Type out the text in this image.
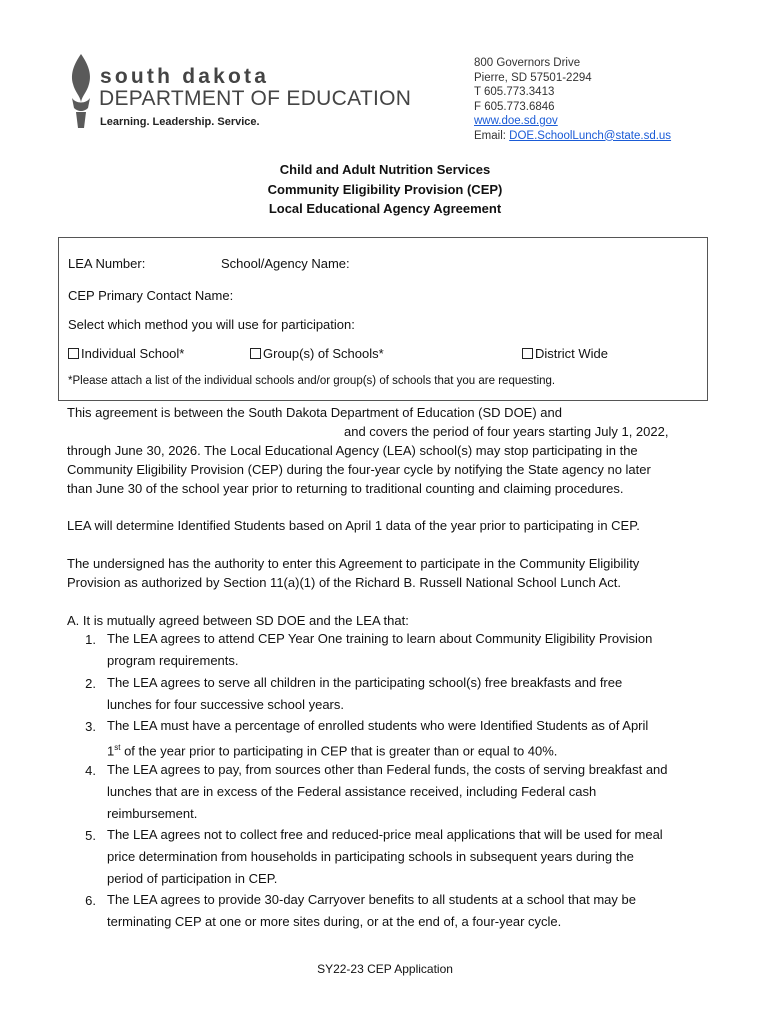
south dakota
DEPARTMENT OF EDUCATION
Learning. Leadership. Service.
800 Governors Drive
Pierre, SD 57501-2294
T 605.773.3413
F 605.773.6846
www.doe.sd.gov
Email: DOE.SchoolLunch@state.sd.us
Child and Adult Nutrition Services
Community Eligibility Provision (CEP)
Local Educational Agency Agreement
LEA Number:	School/Agency Name:
CEP Primary Contact Name:
Select which method you will use for participation:
Individual School*	Group(s) of Schools*	District Wide
*Please attach a list of the individual schools and/or group(s) of schools that you are requesting.
This agreement is between the South Dakota Department of Education (SD DOE) and
and covers the period of four years starting July 1, 2022,
through June 30, 2026. The Local Educational Agency (LEA) school(s) may stop participating in the
Community Eligibility Provision (CEP) during the four-year cycle by notifying the State agency no later
than June 30 of the school year prior to returning to traditional counting and claiming procedures.
LEA will determine Identified Students based on April 1 data of the year prior to participating in CEP.
The undersigned has the authority to enter this Agreement to participate in the Community Eligibility
Provision as authorized by Section 11(a)(1) of the Richard B. Russell National School Lunch Act.
A. It is mutually agreed between SD DOE and the LEA that:
1. The LEA agrees to attend CEP Year One training to learn about Community Eligibility Provision
program requirements.
2. The LEA agrees to serve all children in the participating school(s) free breakfasts and free
lunches for four successive school years.
3. The LEA must have a percentage of enrolled students who were Identified Students as of April
1st of the year prior to participating in CEP that is greater than or equal to 40%.
4. The LEA agrees to pay, from sources other than Federal funds, the costs of serving breakfast and
lunches that are in excess of the Federal assistance received, including Federal cash
reimbursement.
5. The LEA agrees not to collect free and reduced-price meal applications that will be used for meal
price determination from households in participating schools in subsequent years during the
period of participation in CEP.
6. The LEA agrees to provide 30-day Carryover benefits to all students at a school that may be
terminating CEP at one or more sites during, or at the end of, a four-year cycle.
SY22-23 CEP Application
